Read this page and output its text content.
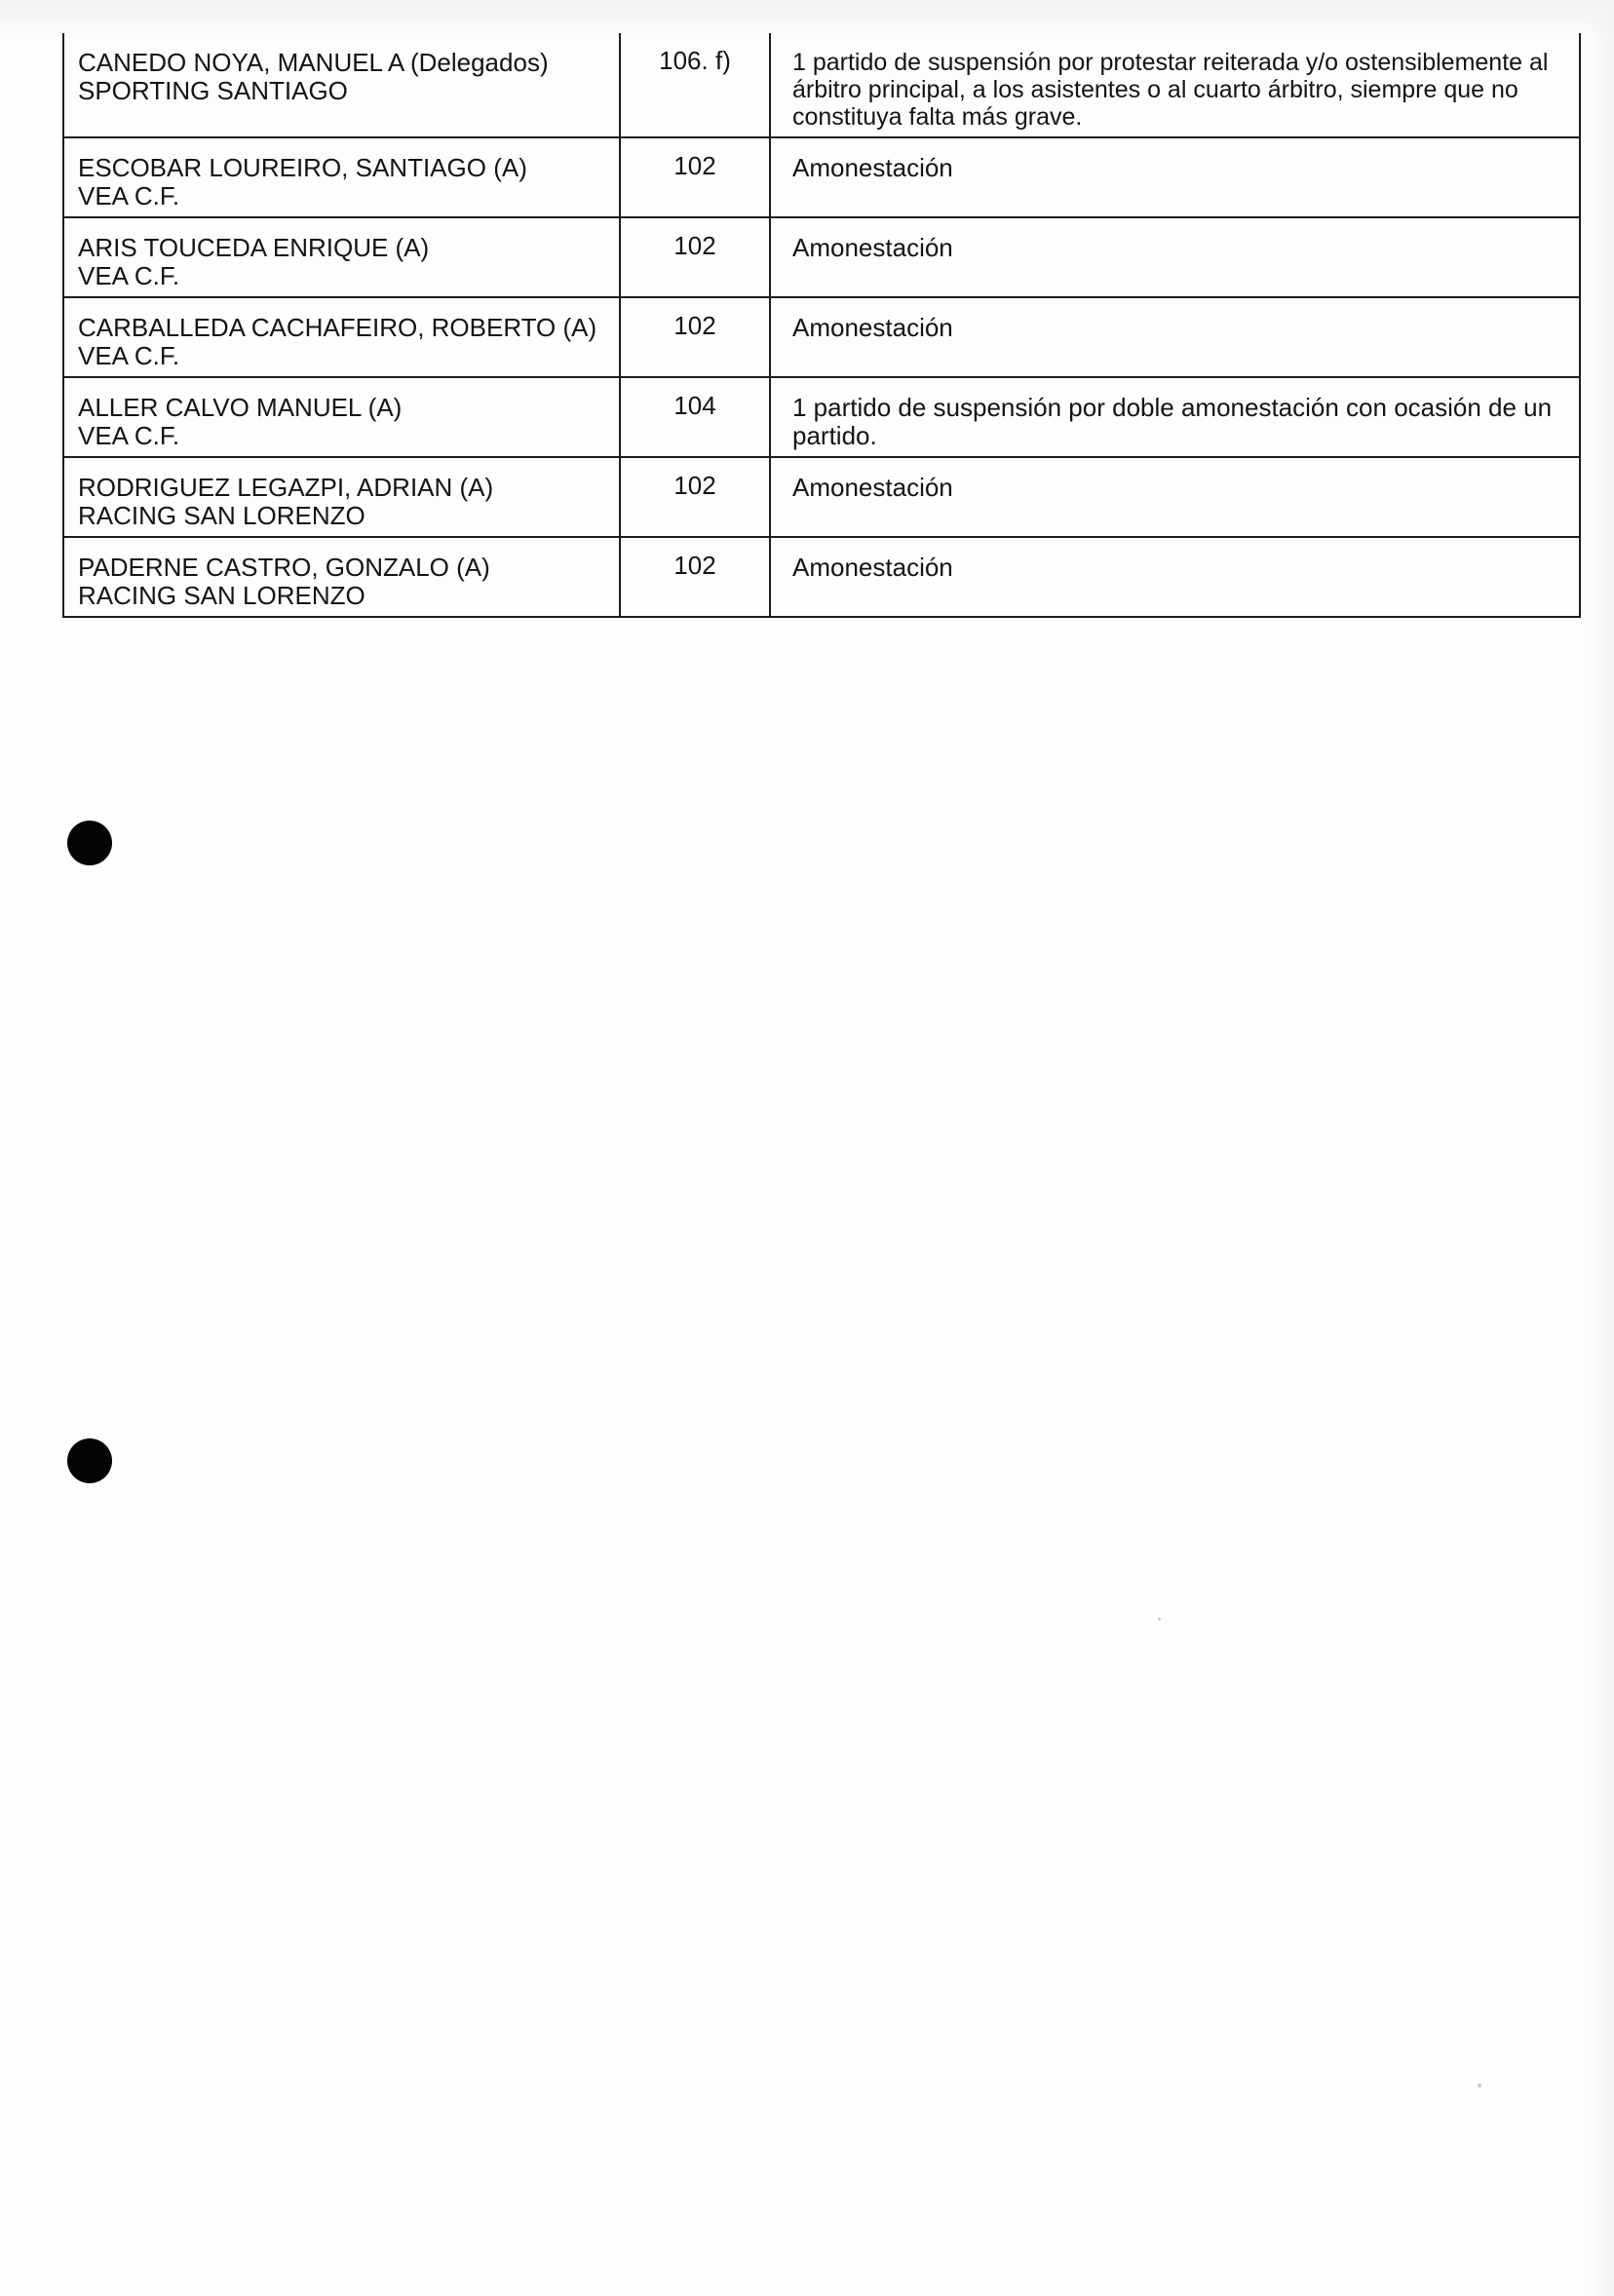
CANEDO NOYA, MANUEL A (Delegados)
SPORTING SANTIAGO	106. f)	1 partido de suspensión por protestar reiterada y/o ostensiblemente al árbitro principal, a los asistentes o al cuarto árbitro, siempre que no constituya falta más grave.

ESCOBAR LOUREIRO, SANTIAGO (A)
VEA C.F.	102	Amonestación

ARIS TOUCEDA ENRIQUE (A)
VEA C.F.	102	Amonestación

CARBALLEDA CACHAFEIRO, ROBERTO (A)
VEA C.F.	102	Amonestación

ALLER CALVO MANUEL (A)
VEA C.F.	104	1 partido de suspensión por doble amonestación con ocasión de un partido.

RODRIGUEZ LEGAZPI, ADRIAN (A)
RACING SAN LORENZO	102	Amonestación

PADERNE CASTRO, GONZALO (A)
RACING SAN LORENZO	102	Amonestación
